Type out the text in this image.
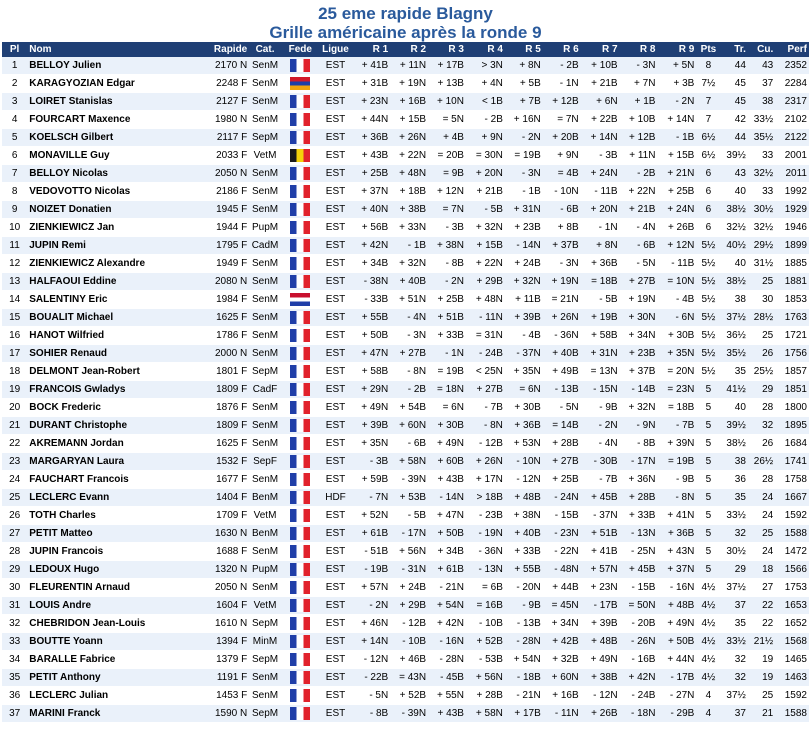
25 eme rapide Blagny
Grille américaine après la ronde 9
Pl	Nom	Rapide	Cat.	Fede	Ligue	R 1	R 2	R 3	R 4	R 5	R 6	R 7	R 8	R 9	Pts	Tr.	Cu.	Perf
1	BELLOY Julien	2170 N	SenM		EST	+ 41B	+ 11N	+ 17B	> 3N	+ 8N	- 2B	+ 10B	- 3N	+ 5N	8	44	43	2352
2	KARAGYOZIAN Edgar	2248 F	SenM		EST	+ 31B	+ 19N	+ 13B	+ 4N	+ 5B	- 1N	+ 21B	+ 7N	+ 3B	7½	45	37	2284
3	LOIRET Stanislas	2127 F	SenM		EST	+ 23N	+ 16B	+ 10N	< 1B	+ 7B	+ 12B	+ 6N	+ 1B	- 2N	7	45	38	2317
4	FOURCART Maxence	1980 N	SenM		EST	+ 44N	+ 15B	= 5N	- 2B	+ 16N	= 7N	+ 22B	+ 10B	+ 14N	7	42	33½	2102
5	KOELSCH Gilbert	2117 F	SepM		EST	+ 36B	+ 26N	+ 4B	+ 9N	- 2N	+ 20B	+ 14N	+ 12B	- 1B	6½	44	35½	2122
6	MONAVILLE Guy	2033 F	VetM		EST	+ 43B	+ 22N	= 20B	= 30N	= 19B	+ 9N	- 3B	+ 11N	+ 15B	6½	39½	33	2001
7	BELLOY Nicolas	2050 N	SenM		EST	+ 25B	+ 48N	= 9B	+ 20N	- 3N	= 4B	+ 24N	- 2B	+ 21N	6	43	32½	2011
8	VEDOVOTTO Nicolas	2186 F	SenM		EST	+ 37N	+ 18B	+ 12N	+ 21B	- 1B	- 10N	- 11B	+ 22N	+ 25B	6	40	33	1992
9	NOIZET Donatien	1945 F	SenM		EST	+ 40N	+ 38B	= 7N	- 5B	+ 31N	- 6B	+ 20N	+ 21B	+ 24N	6	38½	30½	1929
10	ZIENKIEWICZ Jan	1944 F	PupM		EST	+ 56B	+ 33N	- 3B	+ 32N	+ 23B	+ 8B	- 1N	- 4N	+ 26B	6	32½	32½	1946
11	JUPIN Remi	1795 F	CadM		EST	+ 42N	- 1B	+ 38N	+ 15B	- 14N	+ 37B	+ 8N	- 6B	+ 12N	5½	40½	29½	1899
12	ZIENKIEWICZ Alexandre	1949 F	SenM		EST	+ 34B	+ 32N	- 8B	+ 22N	+ 24B	- 3N	+ 36B	- 5N	- 11B	5½	40	31½	1885
13	HALFAOUI Eddine	2080 N	SenM		EST	- 38N	+ 40B	- 2N	+ 29B	+ 32N	+ 19N	= 18B	+ 27B	= 10N	5½	38½	25	1881
14	SALENTINY Eric	1984 F	SenM		EST	- 33B	+ 51N	+ 25B	+ 48N	+ 11B	= 21N	- 5B	+ 19N	- 4B	5½	38	30	1853
15	BOUALIT Michael	1625 F	SenM		EST	+ 55B	- 4N	+ 51B	- 11N	+ 39B	+ 26N	+ 19B	+ 30N	- 6N	5½	37½	28½	1763
16	HANOT Wilfried	1786 F	SenM		EST	+ 50B	- 3N	+ 33B	= 31N	- 4B	- 36N	+ 58B	+ 34N	+ 30B	5½	36½	25	1721
17	SOHIER Renaud	2000 N	SenM		EST	+ 47N	+ 27B	- 1N	- 24B	- 37N	+ 40B	+ 31N	+ 23B	+ 35N	5½	35½	26	1756
18	DELMONT Jean-Robert	1801 F	SepM		EST	+ 58B	- 8N	= 19B	< 25N	+ 35N	+ 49B	= 13N	+ 37B	= 20N	5½	35	25½	1857
19	FRANCOIS Gwladys	1809 F	CadF		EST	+ 29N	- 2B	= 18N	+ 27B	= 6N	- 13B	- 15N	- 14B	= 23N	5	41½	29	1851
20	BOCK Frederic	1876 F	SenM		EST	+ 49N	+ 54B	= 6N	- 7B	+ 30B	- 5N	- 9B	+ 32N	= 18B	5	40	28	1800
21	DURANT Christophe	1809 F	SenM		EST	+ 39B	+ 60N	+ 30B	- 8N	+ 36B	= 14B	- 2N	- 9N	- 7B	5	39½	32	1895
22	AKREMANN Jordan	1625 F	SenM		EST	+ 35N	- 6B	+ 49N	- 12B	+ 53N	+ 28B	- 4N	- 8B	+ 39N	5	38½	26	1684
23	MARGARYAN Laura	1532 F	SepF		EST	- 3B	+ 58N	+ 60B	+ 26N	- 10N	+ 27B	- 30B	- 17N	= 19B	5	38	26½	1741
24	FAUCHART Francois	1677 F	SenM		EST	+ 59B	- 39N	+ 43B	+ 17N	- 12N	+ 25B	- 7B	+ 36N	- 9B	5	36	28	1758
25	LECLERC Evann	1404 F	BenM		HDF	- 7N	+ 53B	- 14N	> 18B	+ 48B	- 24N	+ 45B	+ 28B	- 8N	5	35	24	1667
26	TOTH Charles	1709 F	VetM		EST	+ 52N	- 5B	+ 47N	- 23B	+ 38N	- 15B	- 37N	+ 33B	+ 41N	5	33½	24	1592
27	PETIT Matteo	1630 N	BenM		EST	+ 61B	- 17N	+ 50B	- 19N	+ 40B	- 23N	+ 51B	- 13N	+ 36B	5	32	25	1588
28	JUPIN Francois	1688 F	SenM		EST	- 51B	+ 56N	+ 34B	- 36N	+ 33B	- 22N	+ 41B	- 25N	+ 43N	5	30½	24	1472
29	LEDOUX Hugo	1320 N	PupM		EST	- 19B	- 31N	+ 61B	- 13N	+ 55B	- 48N	+ 57N	+ 45B	+ 37N	5	29	18	1566
30	FLEURENTIN Arnaud	2050 N	SenM		EST	+ 57N	+ 24B	- 21N	= 6B	- 20N	+ 44B	+ 23N	- 15B	- 16N	4½	37½	27	1753
31	LOUIS Andre	1604 F	VetM		EST	- 2N	+ 29B	+ 54N	= 16B	- 9B	= 45N	- 17B	= 50N	+ 48B	4½	37	22	1653
32	CHEBRIDON Jean-Louis	1610 N	SepM		EST	+ 46N	- 12B	+ 42N	- 10B	- 13B	+ 34N	+ 39B	- 20B	+ 49N	4½	35	22	1652
33	BOUTTE Yoann	1394 F	MinM		EST	+ 14N	- 10B	- 16N	+ 52B	- 28N	+ 42B	+ 48B	- 26N	+ 50B	4½	33½	21½	1568
34	BARALLE Fabrice	1379 F	SepM		EST	- 12N	+ 46B	- 28N	- 53B	+ 54N	+ 32B	+ 49N	- 16B	+ 44N	4½	32	19	1465
35	PETIT Anthony	1191 F	SenM		EST	- 22B	= 43N	- 45B	+ 56N	- 18B	+ 60N	+ 38B	+ 42N	- 17B	4½	32	19	1463
36	LECLERC Julian	1453 F	SenM		EST	- 5N	+ 52B	+ 55N	+ 28B	- 21N	+ 16B	- 12N	- 24B	- 27N	4	37½	25	1592
37	MARINI Franck	1590 N	SepM		EST	- 8B	- 39N	+ 43B	+ 58N	+ 17B	- 11N	+ 26B	- 18N	- 29B	4	37	21	1588
